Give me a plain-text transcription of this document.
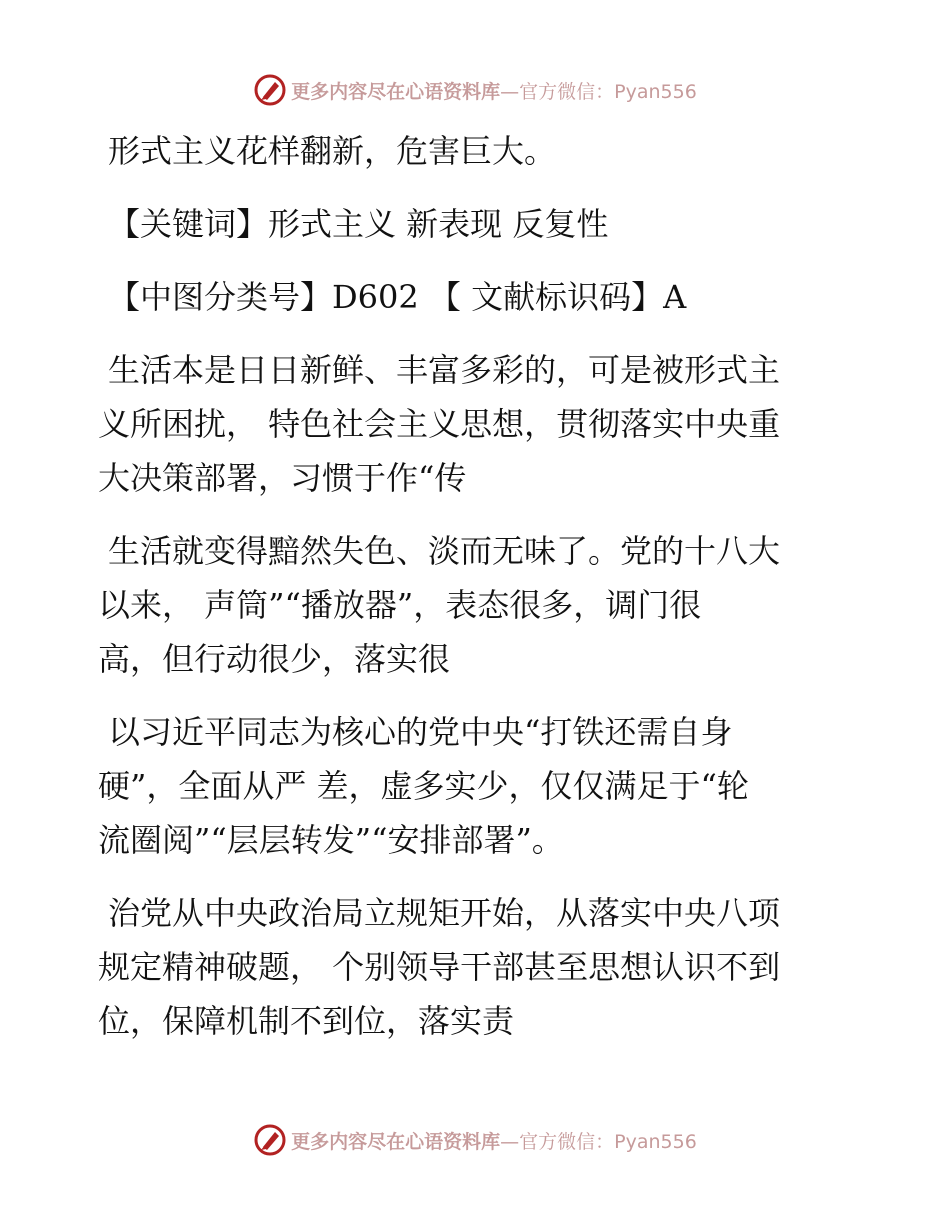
更多内容尽在心语资料库 —官方微信：Pyan556

形式主义花样翻新，危害巨大。

【关键词】形式主义 新表现 反复性

【中图分类号】D602 【 文献标识码】A

生活本是日日新鲜、丰富多彩的，可是被形式主
义所困扰， 特色社会主义思想，贯彻落实中央重
大决策部署，习惯于作“传
生活就变得黯然失色、淡而无味了。党的十八大
以来， 声筒”“播放器”，表态很多，调门很
高，但行动很少，落实很
以习近平同志为核心的党中央“打铁还需自身
硬”，全面从严 差，虚多实少，仅仅满足于“轮
流圈阅”“层层转发”“安排部署”。
治党从中央政治局立规矩开始，从落实中央八项
规定精神破题， 个别领导干部甚至思想认识不到
位，保障机制不到位，落实责
更多内容尽在心语资料库 —官方微信：Pyan556
